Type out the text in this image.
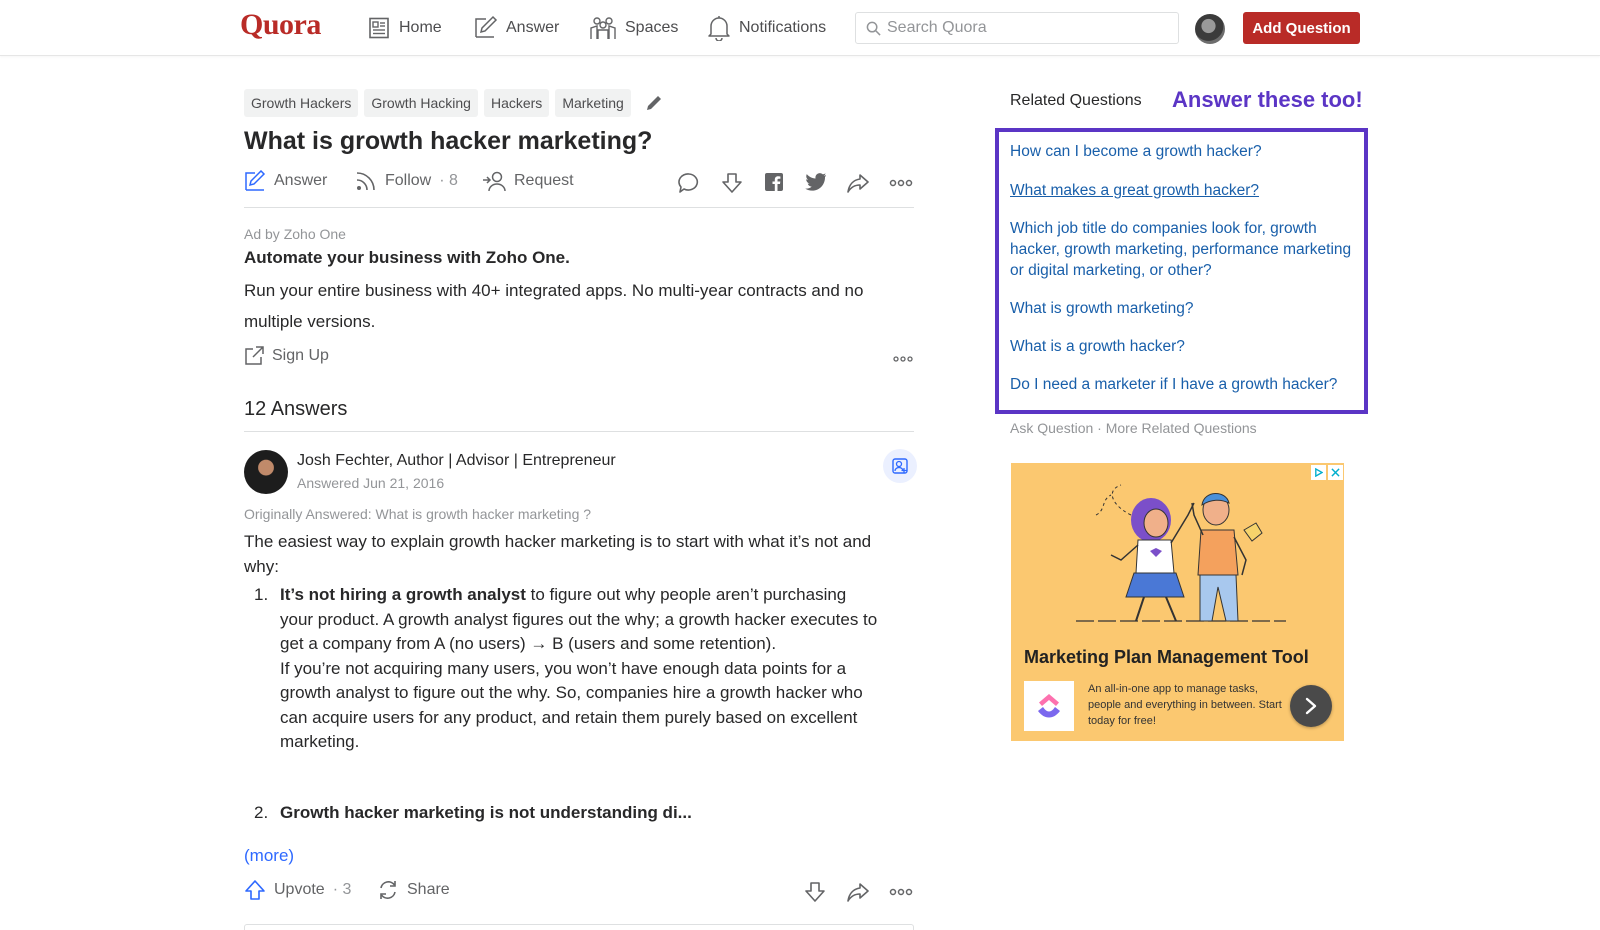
Quora	Home	Answer	Spaces	Notifications
Search Quora	Add Question
Growth Hackers	Growth Hacking	Hackers	Marketing
What is growth hacker marketing?
Answer	Follow · 8	Request
Ad by Zoho One
Automate your business with Zoho One.
Run your entire business with 40+ integrated apps. No multi-year contracts and no multiple versions.
Sign Up
12 Answers
Josh Fechter, Author | Advisor | Entrepreneur
Answered Jun 21, 2016
Originally Answered: What is growth hacker marketing ?
The easiest way to explain growth hacker marketing is to start with what it’s not and why:
1. It’s not hiring a growth analyst to figure out why people aren’t purchasing your product. A growth analyst figures out the why; a growth hacker executes to get a company from A (no users) → B (users and some retention).
If you’re not acquiring many users, you won’t have enough data points for a growth analyst to figure out the why. So, companies hire a growth hacker who can acquire users for any product, and retain them purely based on excellent marketing.
2. Growth hacker marketing is not understanding di...
(more)
Upvote · 3	Share
Related Questions Answer these too!
How can I become a growth hacker?
What makes a great growth hacker?
Which job title do companies look for, growth hacker, growth marketing, performance marketing or digital marketing, or other?
What is growth marketing?
What is a growth hacker?
Do I need a marketer if I have a growth hacker?
Ask Question · More Related Questions
Marketing Plan Management Tool
An all-in-one app to manage tasks, people and everything in between. Start today for free!
